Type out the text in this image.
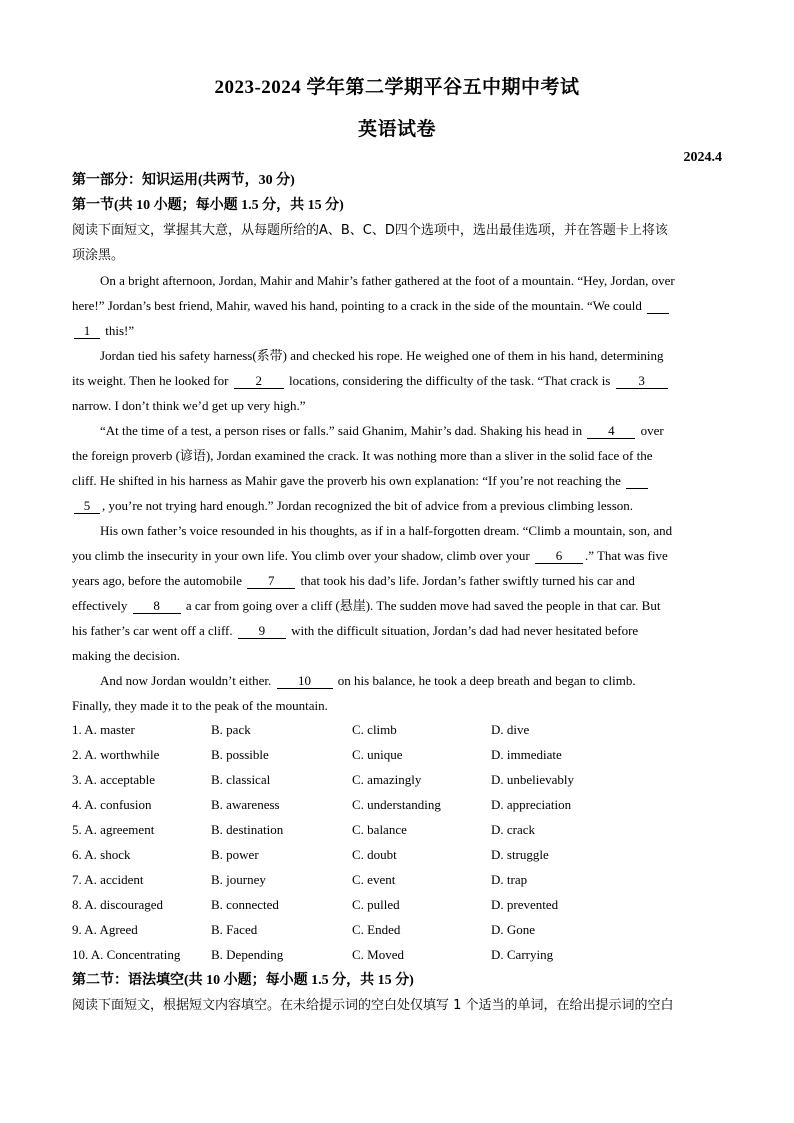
2023-2024 学年第二学期平谷五中期中考试
英语试卷
2024.4
第一部分：知识运用(共两节，30 分)
第一节(共 10 小题；每小题 1.5 分，共 15 分)
阅读下面短文，掌握其大意，从每题所给的A、B、C、D四个选项中，选出最佳选项，并在答题卡上将该
项涂黑。
On a bright afternoon, Jordan, Mahir and Mahir’s father gathered at the foot of a mountain. “Hey, Jordan, over
here!” Jordan’s best friend, Mahir, waved his hand, pointing to a crack in the side of the mountain. “We could
1 this!”
Jordan tied his safety harness(系带) and checked his rope. He weighed one of them in his hand, determining
its weight. Then he looked for 2 locations, considering the difficulty of the task. “That crack is 3
narrow. I don’t think we’d get up very high.”
“At the time of a test, a person rises or falls.” said Ghanim, Mahir’s dad. Shaking his head in 4 over
the foreign proverb (谚语), Jordan examined the crack. It was nothing more than a sliver in the solid face of the
cliff. He shifted in his harness as Mahir gave the proverb his own explanation: “If you’re not reaching the
5 , you’re not trying hard enough.” Jordan recognized the bit of advice from a previous climbing lesson.
His own father’s voice resounded in his thoughts, as if in a half-forgotten dream. “Climb a mountain, son, and
you climb the insecurity in your own life. You climb over your shadow, climb over your 6 .” That was five
years ago, before the automobile 7 that took his dad’s life. Jordan’s father swiftly turned his car and
effectively 8 a car from going over a cliff (悬崖). The sudden move had saved the people in that car. But
his father’s car went off a cliff. 9 with the difficult situation, Jordan’s dad had never hesitated before
making the decision.
And now Jordan wouldn’t either. 10 on his balance, he took a deep breath and began to climb.
Finally, they made it to the peak of the mountain.
1. A. master	B. pack	C. climb	D. dive
2. A. worthwhile	B. possible	C. unique	D. immediate
3. A. acceptable	B. classical	C. amazingly	D. unbelievably
4. A. confusion	B. awareness	C. understanding	D. appreciation
5. A. agreement	B. destination	C. balance	D. crack
6. A. shock	B. power	C. doubt	D. struggle
7. A. accident	B. journey	C. event	D. trap
8. A. discouraged	B. connected	C. pulled	D. prevented
9. A. Agreed	B. Faced	C. Ended	D. Gone
10. A. Concentrating B. Depending	C. Moved	D. Carrying
第二节：语法填空(共 10 小题；每小题 1.5 分，共 15 分)
阅读下面短文，根据短文内容填空。在未给提示词的空白处仅填写 1 个适当的单词，在给出提示词的空白
